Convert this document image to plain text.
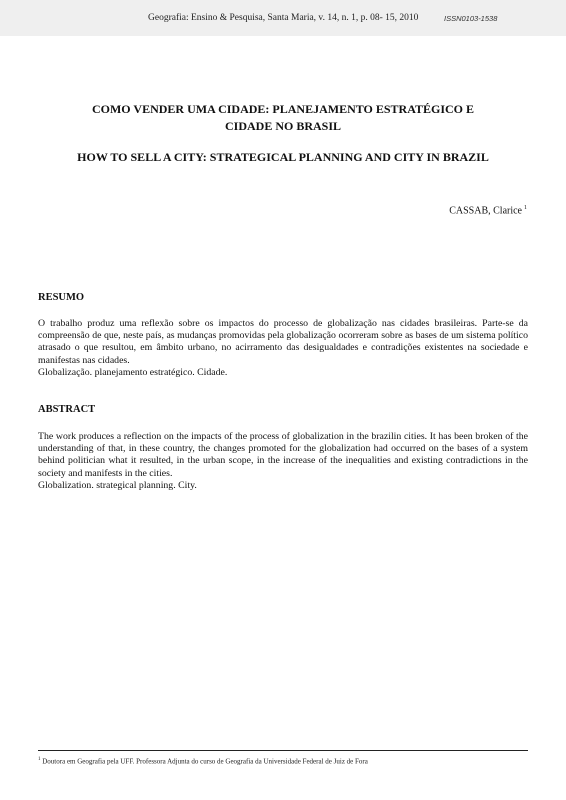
Geografia: Ensino & Pesquisa, Santa Maria, v. 14, n. 1, p. 08- 15, 2010	ISSN0103-1538
COMO VENDER UMA CIDADE: PLANEJAMENTO ESTRATÉGICO E CIDADE NO BRASIL
HOW TO SELL A CITY: STRATEGICAL PLANNING AND CITY IN BRAZIL
CASSAB, Clarice $^1$
RESUMO

O trabalho produz uma reflexão sobre os impactos do processo de globalização nas cidades brasileiras. Parte-se da compreensão de que, neste país, as mudanças promovidas pela globalização ocorreram sobre as bases de um sistema político atrasado o que resultou, em âmbito urbano, no acirramento das desigualdades e contradições existentes na sociedade e manifestas nas cidades.

Globalização. planejamento estratégico. Cidade.

ABSTRACT

The work produces a reflection on the impacts of the process of globalization in the brazilin cities. It has been broken of the understanding of that, in these country, the changes promoted for the globalization had occurred on the bases of a system behind politician what it resulted, in the urban scope, in the increase of the inequalities and existing contradictions in the society and manifests in the cities.

Globalization. strategical planning. City.

$^1$ Doutora em Geografia pela UFF. Professora Adjunta do curso de Geografia da Universidade Federal de Juiz de Fora
